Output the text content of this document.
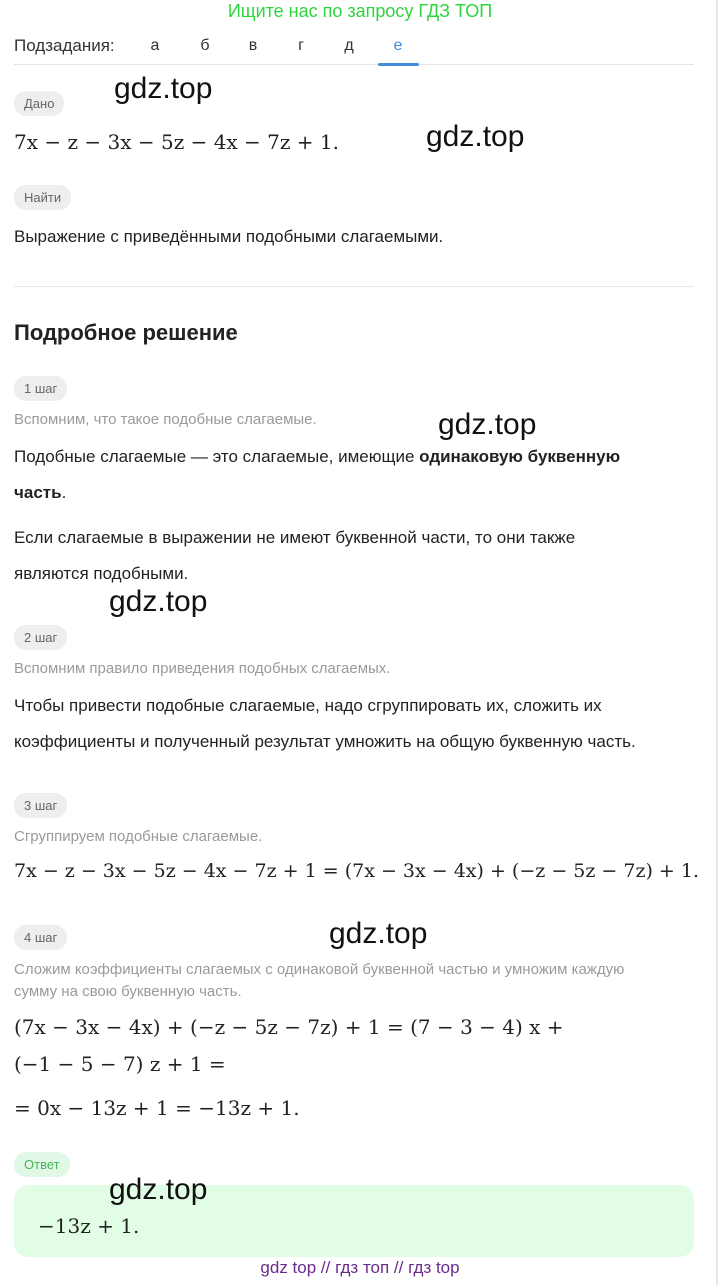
Ищите нас по запросу ГДЗ ТОП
Подзадания:	а	б	в	г	д	е
Дано
7x − z − 3x − 5z − 4x − 7z + 1.
Найти
Выражение с приведёнными подобными слагаемыми.
Подробное решение
1 шаг
Вспомним, что такое подобные слагаемые.
Подобные слагаемые — это слагаемые, имеющие одинаковую буквенную
часть.
Если слагаемые в выражении не имеют буквенной части, то они также
являются подобными.
2 шаг
Вспомним правило приведения подобных слагаемых.
Чтобы привести подобные слагаемые, надо сгруппировать их, сложить их
коэффициенты и полученный результат умножить на общую буквенную часть.
3 шаг
Сгруппируем подобные слагаемые.
7x − z − 3x − 5z − 4x − 7z + 1 = (7x − 3x − 4x) + (−z − 5z − 7z) + 1.
4 шаг
Сложим коэффициенты слагаемых с одинаковой буквенной частью и умножим каждую
сумму на свою буквенную часть.
(7x − 3x − 4x) + (−z − 5z − 7z) + 1 = (7 − 3 − 4) x +
(−1 − 5 − 7) z + 1 =
= 0x − 13z + 1 = −13z + 1.
Ответ
−13z + 1.
gdz.top
gdz.top
gdz.top
gdz.top
gdz.top
gdz.top
gdz top // гдз топ // гдз top
